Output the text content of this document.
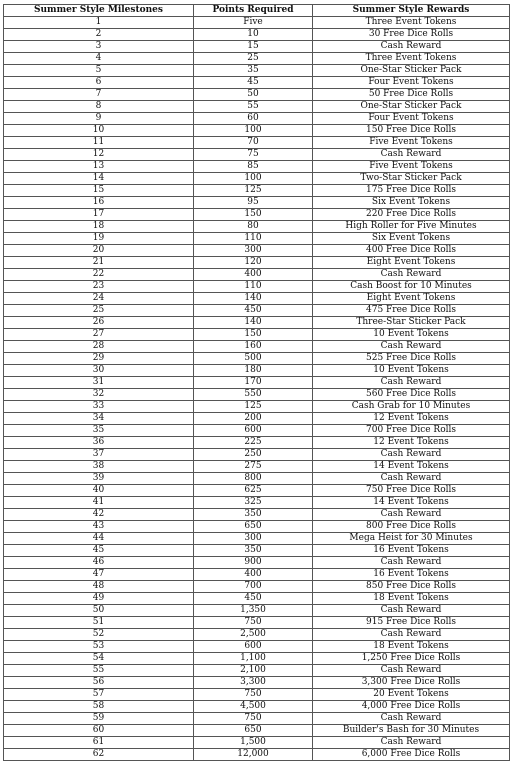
Summer Style Milestones	Points Required	Summer Style Rewards
1	Five	Three Event Tokens
2	10	30 Free Dice Rolls
3	15	Cash Reward
4	25	Three Event Tokens
5	35	One-Star Sticker Pack
6	45	Four Event Tokens
7	50	50 Free Dice Rolls
8	55	One-Star Sticker Pack
9	60	Four Event Tokens
10	100	150 Free Dice Rolls
11	70	Five Event Tokens
12	75	Cash Reward
13	85	Five Event Tokens
14	100	Two-Star Sticker Pack
15	125	175 Free Dice Rolls
16	95	Six Event Tokens
17	150	220 Free Dice Rolls
18	80	High Roller for Five Minutes
19	110	Six Event Tokens
20	300	400 Free Dice Rolls
21	120	Eight Event Tokens
22	400	Cash Reward
23	110	Cash Boost for 10 Minutes
24	140	Eight Event Tokens
25	450	475 Free Dice Rolls
26	140	Three-Star Sticker Pack
27	150	10 Event Tokens
28	160	Cash Reward
29	500	525 Free Dice Rolls
30	180	10 Event Tokens
31	170	Cash Reward
32	550	560 Free Dice Rolls
33	125	Cash Grab for 10 Minutes
34	200	12 Event Tokens
35	600	700 Free Dice Rolls
36	225	12 Event Tokens
37	250	Cash Reward
38	275	14 Event Tokens
39	800	Cash Reward
40	625	750 Free Dice Rolls
41	325	14 Event Tokens
42	350	Cash Reward
43	650	800 Free Dice Rolls
44	300	Mega Heist for 30 Minutes
45	350	16 Event Tokens
46	900	Cash Reward
47	400	16 Event Tokens
48	700	850 Free Dice Rolls
49	450	18 Event Tokens
50	1,350	Cash Reward
51	750	915 Free Dice Rolls
52	2,500	Cash Reward
53	600	18 Event Tokens
54	1,100	1,250 Free Dice Rolls
55	2,100	Cash Reward
56	3,300	3,300 Free Dice Rolls
57	750	20 Event Tokens
58	4,500	4,000 Free Dice Rolls
59	750	Cash Reward
60	650	Builder's Bash for 30 Minutes
61	1,500	Cash Reward
62	12,000	6,000 Free Dice Rolls
